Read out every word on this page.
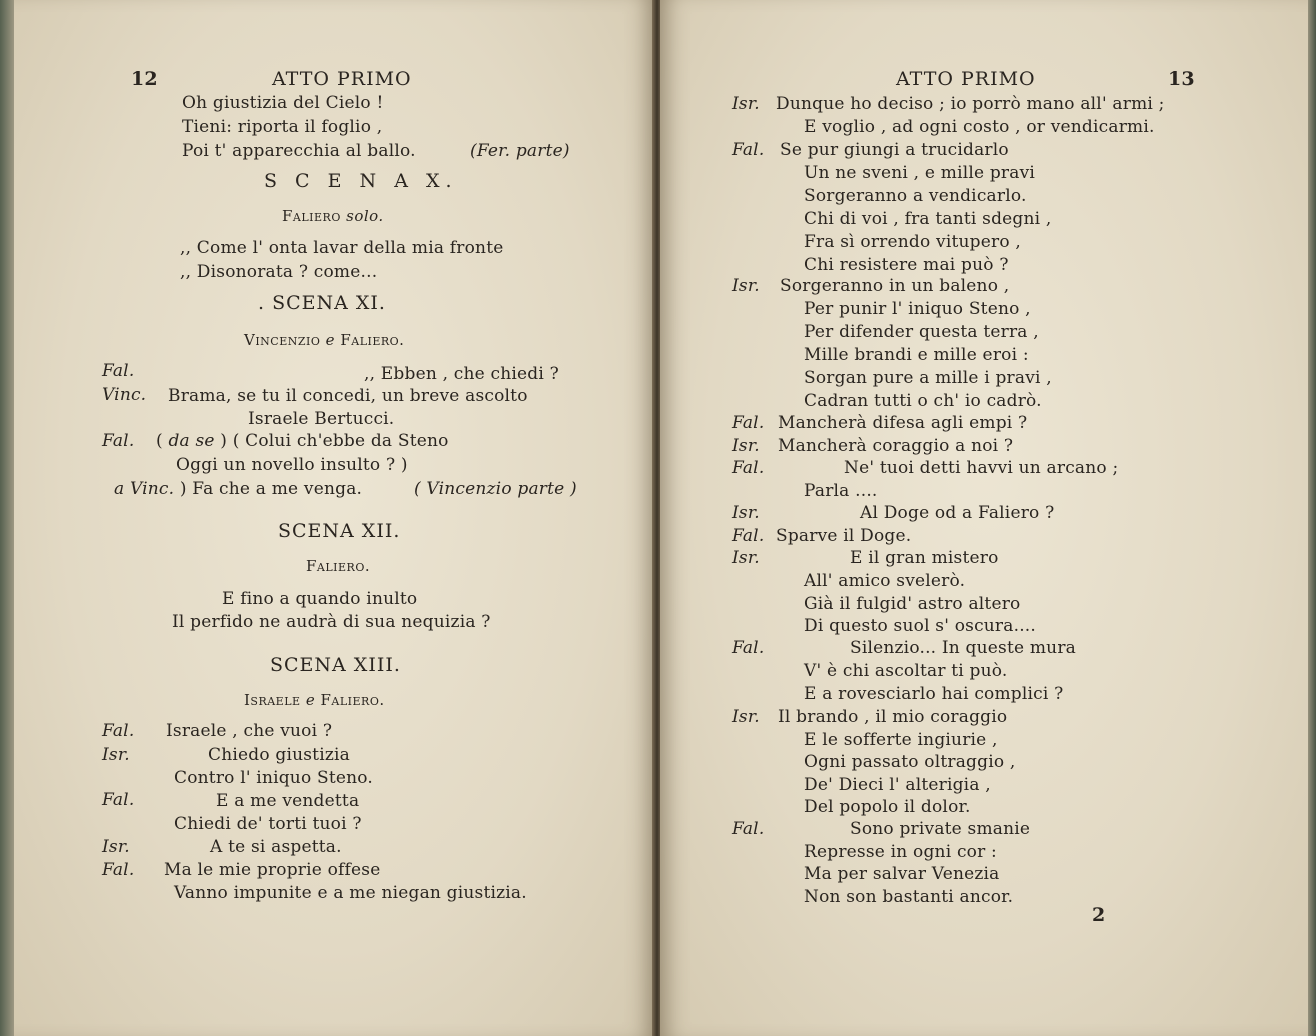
12	ATTO PRIMO
Oh giustizia del Cielo !
Tieni: riporta il foglio ,
Poi t' apparecchia al ballo.	(Fer. parte)
S C E N A X.
Faliero solo.
,, Come l' onta lavar della mia fronte
,, Disonorata ? come...
. SCENA XI.
Vincenzio e Faliero.
Fal.	,, Ebben , che chiedi ?
Vinc. Brama, se tu il concedi, un breve ascolto
Israele Bertucci.
Fal. ( da se ) ( Colui ch'ebbe da Steno
Oggi un novello insulto ? )
a Vinc. ) Fa che a me venga.	( Vincenzio parte )
SCENA XII.
Faliero.
E fino a quando inulto
Il perfido ne audrà di sua nequizia ?
SCENA XIII.
Israele e Faliero.
Fal. Israele , che vuoi ?
Isr.	Chiedo giustizia
Contro l' iniquo Steno.
Fal.	E a me vendetta
Chiedi de' torti tuoi ?
Isr.	A te si aspetta.
Fal. Ma le mie proprie offese
Vanno impunite e a me niegan giustizia.
ATTO PRIMO	13
Isr. Dunque ho deciso ; io porrò mano all' armi ;
E voglio , ad ogni costo , or vendicarmi.
Fal. Se pur giungi a trucidarlo
Un ne sveni , e mille pravi
Sorgeranno a vendicarlo.
Chi di voi , fra tanti sdegni ,
Fra sì orrendo vitupero ,
Chi resistere mai può ?
Isr. Sorgeranno in un baleno ,
Per punir l' iniquo Steno ,
Per difender questa terra ,
Mille brandi e mille eroi :
Sorgan pure a mille i pravi ,
Cadran tutti o ch' io cadrò.
Fal. Mancherà difesa agli empi ?
Isr. Mancherà coraggio a noi ?
Fal.	Ne' tuoi detti havvi un arcano ;
Parla ....
Isr.	Al Doge od a Faliero ?
Fal. Sparve il Doge.
Isr.	E il gran mistero
All' amico svelerò.
Già il fulgid' astro altero
Di questo suol s' oscura....
Fal.	Silenzio... In queste mura
V' è chi ascoltar ti può.
E a rovesciarlo hai complici ?
Isr. Il brando , il mio coraggio
E le sofferte ingiurie ,
Ogni passato oltraggio ,
De' Dieci l' alterigia ,
Del popolo il dolor.
Fal.	Sono private smanie
Represse in ogni cor :
Ma per salvar Venezia
Non son bastanti ancor.
2
